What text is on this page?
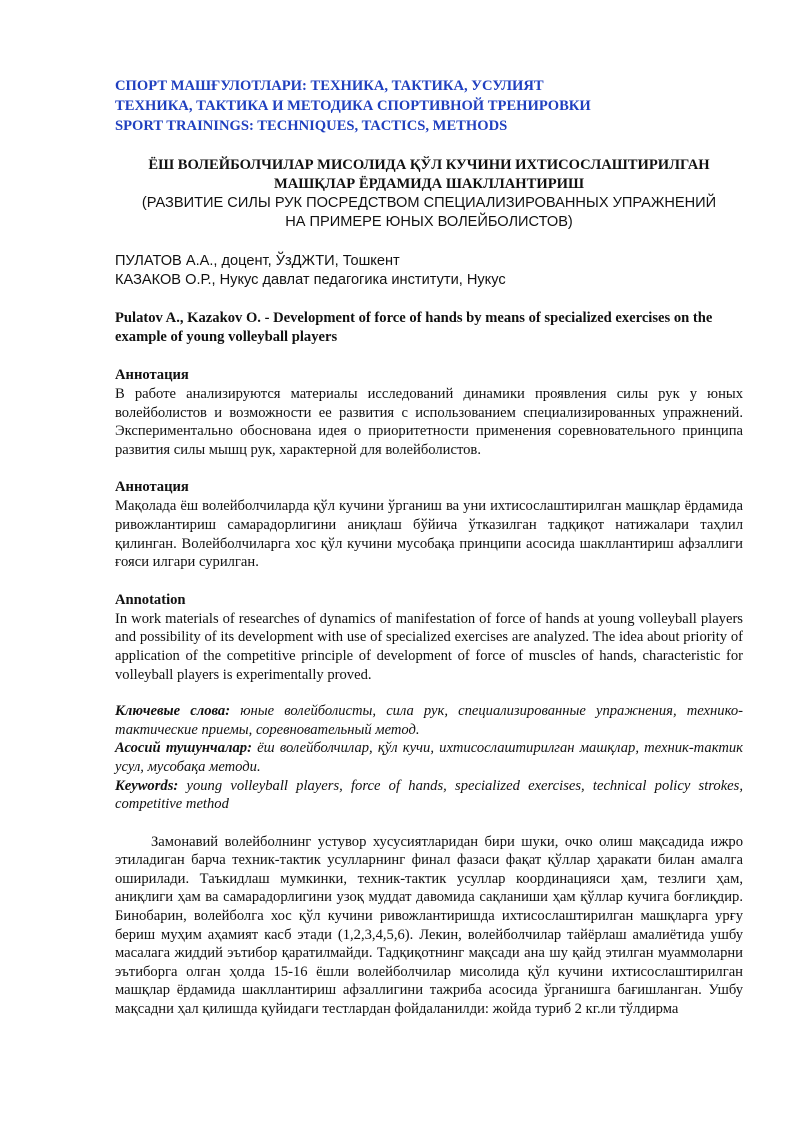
СПОРТ МАШҒУЛОТЛАРИ: ТЕХНИКА, ТАКТИКА, УСУЛИЯТ
ТЕХНИКА, ТАКТИКА И МЕТОДИКА СПОРТИВНОЙ ТРЕНИРОВКИ
SPORT TRAININGS: TECHNIQUES, TACTICS, METHODS
ЁШ ВОЛЕЙБОЛЧИЛАР МИСОЛИДА ҚЎЛ КУЧИНИ ИХТИСОСЛАШТИРИЛГАН
МАШҚЛАР ЁРДАМИДА ШАКЛЛАНТИРИШ
(РАЗВИТИЕ СИЛЫ РУК ПОСРЕДСТВОМ СПЕЦИАЛИЗИРОВАННЫХ УПРАЖНЕНИЙ
НА ПРИМЕРЕ ЮНЫХ ВОЛЕЙБОЛИСТОВ)
ПУЛАТОВ А.А., доцент, ЎзДЖТИ, Тошкент
КАЗАКОВ О.Р., Нукус давлат педагогика институти, Нукус
Pulatov A., Kazakov O. - Development of force of hands by means of specialized exercises on the example of young volleyball players
Аннотация
В работе анализируются материалы исследований динамики проявления силы рук у юных волейболистов и возможности ее развития с использованием специализированных упражнений. Экспериментально обоснована идея о приоритетности применения соревновательного принципа развития силы мышц рук, характерной для волейболистов.
Аннотация
Мақолада ёш волейболчиларда қўл кучини ўрганиш ва уни ихтисослаштирилган машқлар ёрдамида ривожлантириш самарадорлигини аниқлаш бўйича ўтказилган тадқиқот натижалари таҳлил қилинган. Волейболчиларга хос қўл кучини мусобақа принципи асосида шакллантириш афзаллиги ғояси илгари сурилган.
Annotation
In work materials of researches of dynamics of manifestation of force of hands at young volleyball players and possibility of its development with use of specialized exercises are analyzed. The idea about priority of application of the competitive principle of development of force of muscles of hands, characteristic for volleyball players is experimentally proved.
Ключевые слова: юные волейболисты, сила рук, специализированные упражнения, технико-тактические приемы, соревновательный метод.
Асосий тушунчалар: ёш волейболчилар, қўл кучи, ихтисослаштирилган машқлар, техник-тактик усул, мусобақа методи.
Keywords: young volleyball players, force of hands, specialized exercises, technical policy strokes, competitive method
Замонавий волейболнинг устувор хусусиятларидан бири шуки, очко олиш мақсадида ижро этиладиган барча техник-тактик усулларнинг финал фазаси фақат қўллар ҳаракати билан амалга оширилади. Таъкидлаш мумкинки, техник-тактик усуллар координацияси ҳам, тезлиги ҳам, аниқлиги ҳам ва самарадорлигини узоқ муддат давомида сақланиши ҳам қўллар кучига боғлиқдир. Бинобарин, волейболга хос қўл кучини ривожлантиришда ихтисослаштирилган машқларга урғу бериш муҳим аҳамият касб этади (1,2,3,4,5,6). Лекин, волейболчилар тайёрлаш амалиётида ушбу масалага жиддий эътибор қаратилмайди. Тадқиқотнинг мақсади ана шу қайд этилган муаммоларни эътиборга олган ҳолда 15-16 ёшли волейболчилар мисолида қўл кучини ихтисослаштирилган машқлар ёрдамида шакллантириш афзаллигини тажриба асосида ўрганишга бағишланган. Ушбу мақсадни ҳал қилишда қуйидаги тестлардан фойдаланилди: жойда туриб 2 кг.ли тўлдирма
